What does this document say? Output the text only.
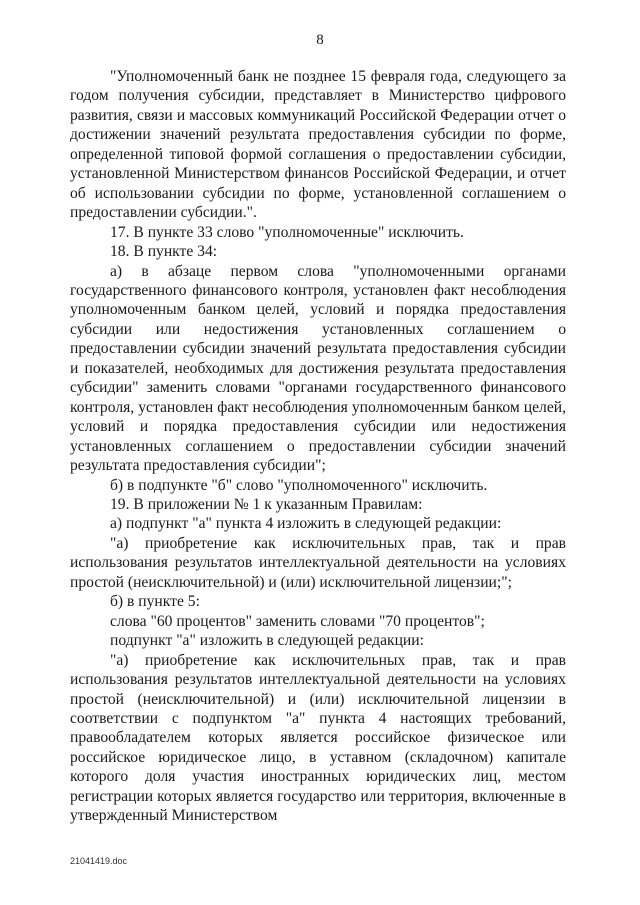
8

"Уполномоченный банк не позднее 15 февраля года, следующего за годом получения субсидии, представляет в Министерство цифрового развития, связи и массовых коммуникаций Российской Федерации отчет о достижении значений результата предоставления субсидии по форме, определенной типовой формой соглашения о предоставлении субсидии, установленной Министерством финансов Российской Федерации, и отчет об использовании субсидии по форме, установленной соглашением о предоставлении субсидии.".

17. В пункте 33 слово "уполномоченные" исключить.

18. В пункте 34:

а) в абзаце первом слова "уполномоченными органами государственного финансового контроля, установлен факт несоблюдения уполномоченным банком целей, условий и порядка предоставления субсидии или недостижения установленных соглашением о предоставлении субсидии значений результата предоставления субсидии и показателей, необходимых для достижения результата предоставления субсидии" заменить словами "органами государственного финансового контроля, установлен факт несоблюдения уполномоченным банком целей, условий и порядка предоставления субсидии или недостижения установленных соглашением о предоставлении субсидии значений результата предоставления субсидии";

б) в подпункте "б" слово "уполномоченного" исключить.

19. В приложении № 1 к указанным Правилам:

а) подпункт "а" пункта 4 изложить в следующей редакции:

"а) приобретение как исключительных прав, так и прав использования результатов интеллектуальной деятельности на условиях простой (неисключительной) и (или) исключительной лицензии;";

б) в пункте 5:

слова "60 процентов" заменить словами "70 процентов";

подпункт "а" изложить в следующей редакции:

"а) приобретение как исключительных прав, так и прав использования результатов интеллектуальной деятельности на условиях простой (неисключительной) и (или) исключительной лицензии в соответствии с подпунктом "а" пункта 4 настоящих требований, правообладателем которых является российское физическое или российское юридическое лицо, в уставном (складочном) капитале которого доля участия иностранных юридических лиц, местом регистрации которых является государство или территория, включенные в утвержденный Министерством

21041419.doc
